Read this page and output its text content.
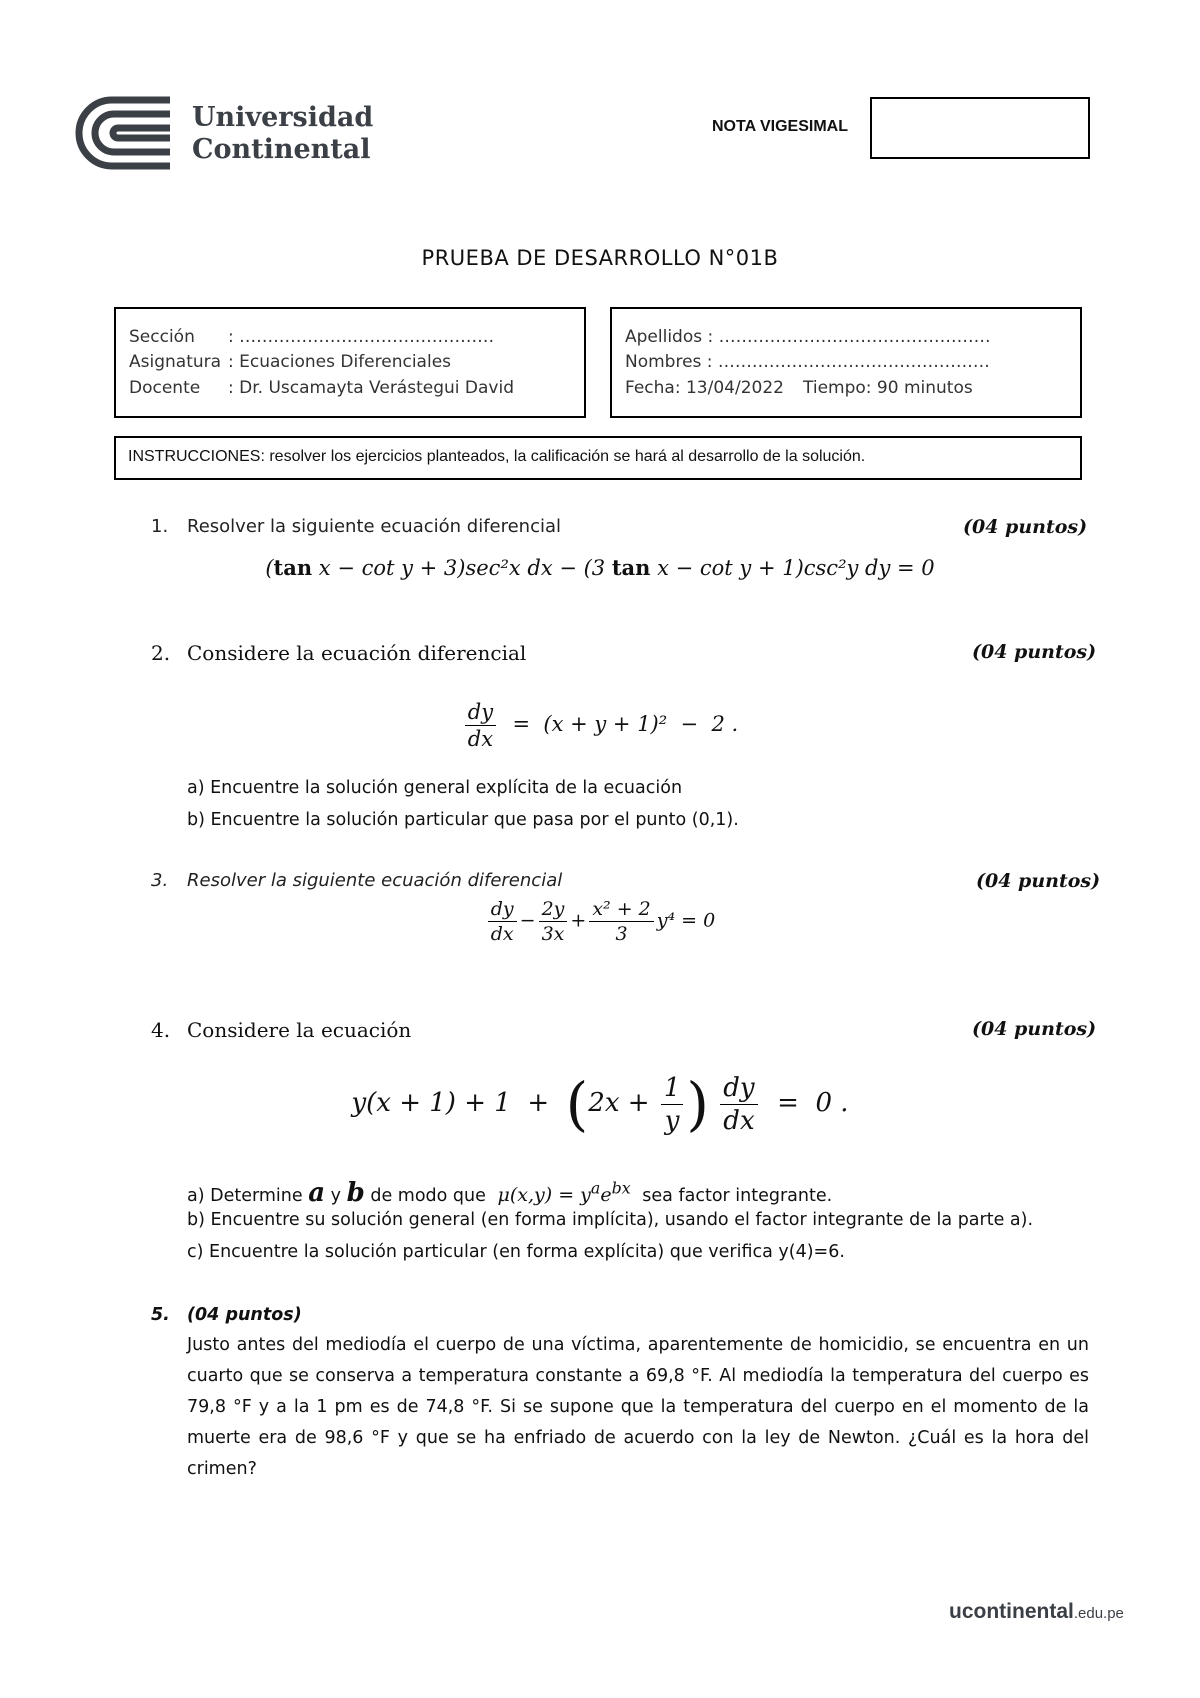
Universidad
Continental
NOTA VIGESIMAL
PRUEBA DE DESARROLLO N°01B
Sección : ………………………………………
Asignatura : Ecuaciones Diferenciales
Docente : Dr. Uscamayta Verástegui David
Apellidos : …………………………………………
Nombres : …………………………………………
Fecha: 13/04/2022 Tiempo: 90 minutos
INSTRUCCIONES: resolver los ejercicios planteados, la calificación se hará al desarrollo de la solución.
1. Resolver la siguiente ecuación diferencial	(04 puntos)
(tan x − cot y + 3)sec²x dx − (3 tan x − cot y + 1)csc²y dy = 0
2. Considere la ecuación diferencial	(04 puntos)
$\frac{dy}{dx} = (x + y + 1)^2 - 2$ .
a) Encuentre la solución general explícita de la ecuación
b) Encuentre la solución particular que pasa por el punto (0,1).
3. Resolver la siguiente ecuación diferencial	(04 puntos)
$\frac{dy}{dx} - \frac{2y}{3x} + \frac{\text{x² + 2}}{3} y^4 = 0$
4. Considere la ecuación	(04 puntos)
$y(x + 1) + 1 + (2x + \frac{1}{y}$ ) $\frac{dy}{dx} = 0$ .
a) Determine a y b de modo que  $\mu(x,y) = y^ae^{bx}$ sea factor integrante.
b) Encuentre su solución general (en forma implícita), usando el factor integrante de la parte a).
c) Encuentre la solución particular (en forma explícita) que verifica y(4)=6.
5. (04 puntos)
Justo antes del mediodía el cuerpo de una víctima, aparentemente de homicidio, se encuentra en un cuarto que se conserva a temperatura constante a 69,8 °F. Al mediodía la temperatura del cuerpo es 79,8 °F y a la 1 pm es de 74,8 °F. Si se supone que la temperatura del cuerpo en el momento de la muerte era de 98,6 °F y que se ha enfriado de acuerdo con la ley de Newton. ¿Cuál es la hora del crimen?
ucontinental.edu.pe
